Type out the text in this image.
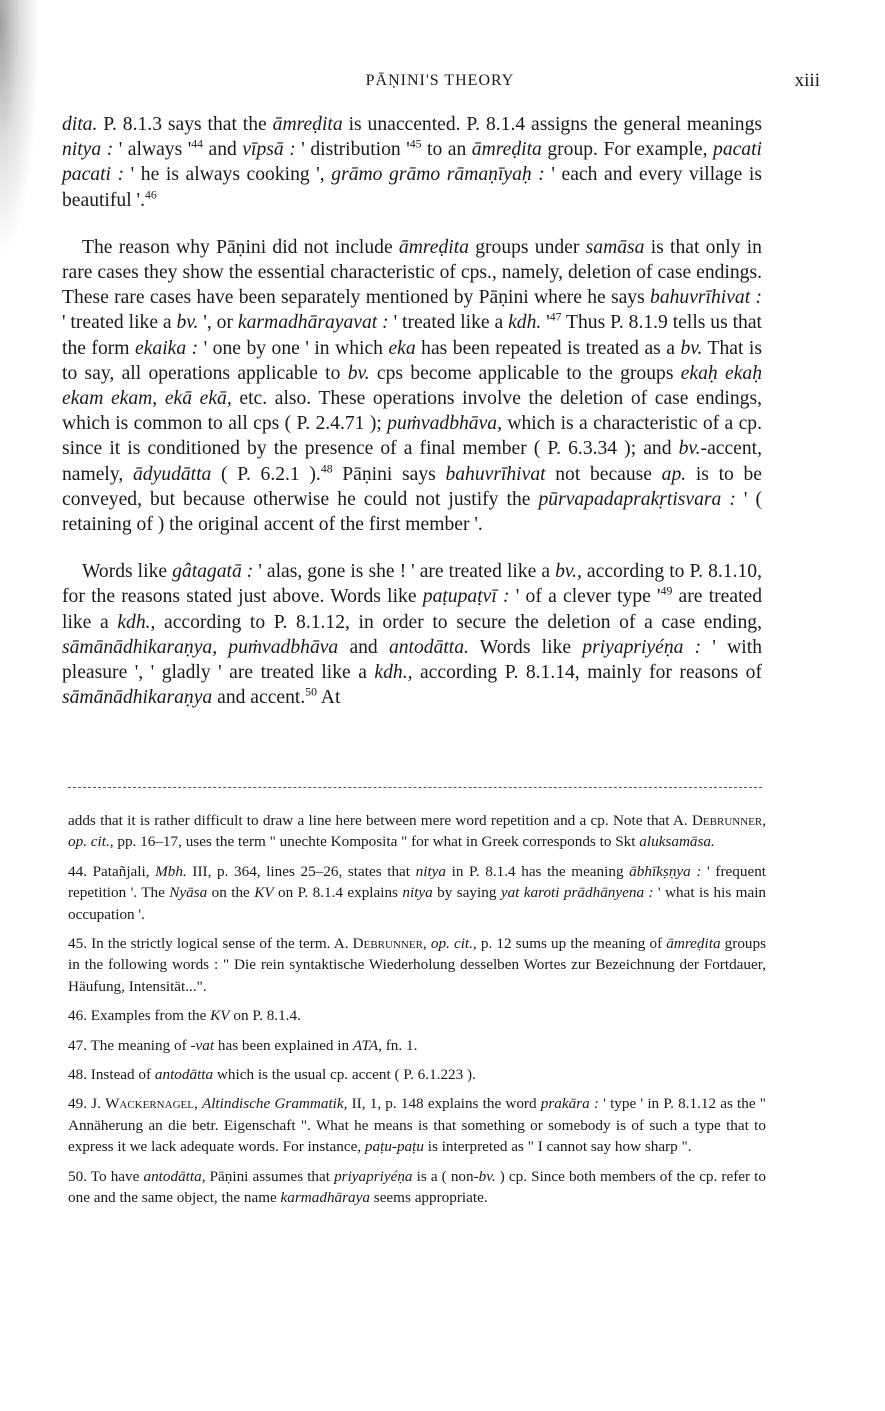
PĀṆINI'S THEORY	xiii

dita. P. 8.1.3 says that the āmreḍita is unaccented. P. 8.1.4 assigns the general meanings nitya : ' always '$^{44}$ and vīpsā : ' distribution '$^{45}$ to an āmreḍita group. For example, pacati pacati : ' he is always cooking ', grāmo grāmo rāmaṇīyaḥ : ' each and every village is beautiful '.$^{46}$

The reason why Pāṇini did not include āmreḍita groups under samāsa is that only in rare cases they show the essential characteristic of cps., namely, deletion of case endings. These rare cases have been separately mentioned by Pāṇini where he says bahuvrīhivat : ' treated like a bv. ', or karmadhārayavat : ' treated like a kdh. '$^{47}$ Thus P. 8.1.9 tells us that the form ekaika : ' one by one ' in which eka has been repeated is treated as a bv. That is to say, all operations applicable to bv. cps become applicable to the groups ekaḥ ekaḥ ekam ekam, ekā ekā, etc. also. These operations involve the deletion of case endings, which is common to all cps ( P. 2.4.71 ); puṁvadbhāva, which is a characteristic of a cp. since it is conditioned by the presence of a final member ( P. 6.3.34 ); and bv.-accent, namely, ādyudātta ( P. 6.2.1 ).$^{48}$ Pāṇini says bahuvrīhivat not because ap. is to be conveyed, but because otherwise he could not justify the pūrvapadaprakṛtisvara : ' ( retaining of ) the original accent of the first member '.

Words like gâtagatā : ' alas, gone is she ! ' are treated like a bv., according to P. 8.1.10, for the reasons stated just above. Words like paṭupaṭvī : ' of a clever type '$^{49}$ are treated like a kdh., according to P. 8.1.12, in order to secure the deletion of a case ending, sāmānādhikaraṇya, puṁvadbhāva and antodātta. Words like priyapriyéṇa : ' with pleasure ', ' gladly ' are treated like a kdh., according P. 8.1.14, mainly for reasons of sāmānādhikaraṇya and accent.$^{50}$ At

adds that it is rather difficult to draw a line here between mere word repetition and a cp. Note that A. Debrunner, op. cit., pp. 16–17, uses the term " unechte Komposita " for what in Greek corresponds to Skt aluksamāsa.

44. Patañjali, Mbh. III, p. 364, lines 25–26, states that nitya in P. 8.1.4 has the meaning ābhīkṣṇya : ' frequent repetition '. The Nyāsa on the KV on P. 8.1.4 explains nitya by saying yat karoti prādhānyena : ' what is his main occupation '.

45. In the strictly logical sense of the term. A. Debrunner, op. cit., p. 12 sums up the meaning of āmreḍita groups in the following words : " Die rein syntaktische Wiederholung desselben Wortes zur Bezeichnung der Fortdauer, Häufung, Intensität...".

46. Examples from the KV on P. 8.1.4.

47. The meaning of -vat has been explained in ATA, fn. 1.

48. Instead of antodātta which is the usual cp. accent ( P. 6.1.223 ).

49. J. Wackernagel, Altindische Grammatik, II, 1, p. 148 explains the word prakāra : ' type ' in P. 8.1.12 as the " Annäherung an die betr. Eigenschaft ". What he means is that something or somebody is of such a type that to express it we lack adequate words. For instance, paṭu-paṭu is interpreted as " I cannot say how sharp ".

50. To have antodātta, Pāṇini assumes that priyapriyéṇa is a ( non-bv. ) cp. Since both members of the cp. refer to one and the same object, the name karmadhāraya seems appropriate.
